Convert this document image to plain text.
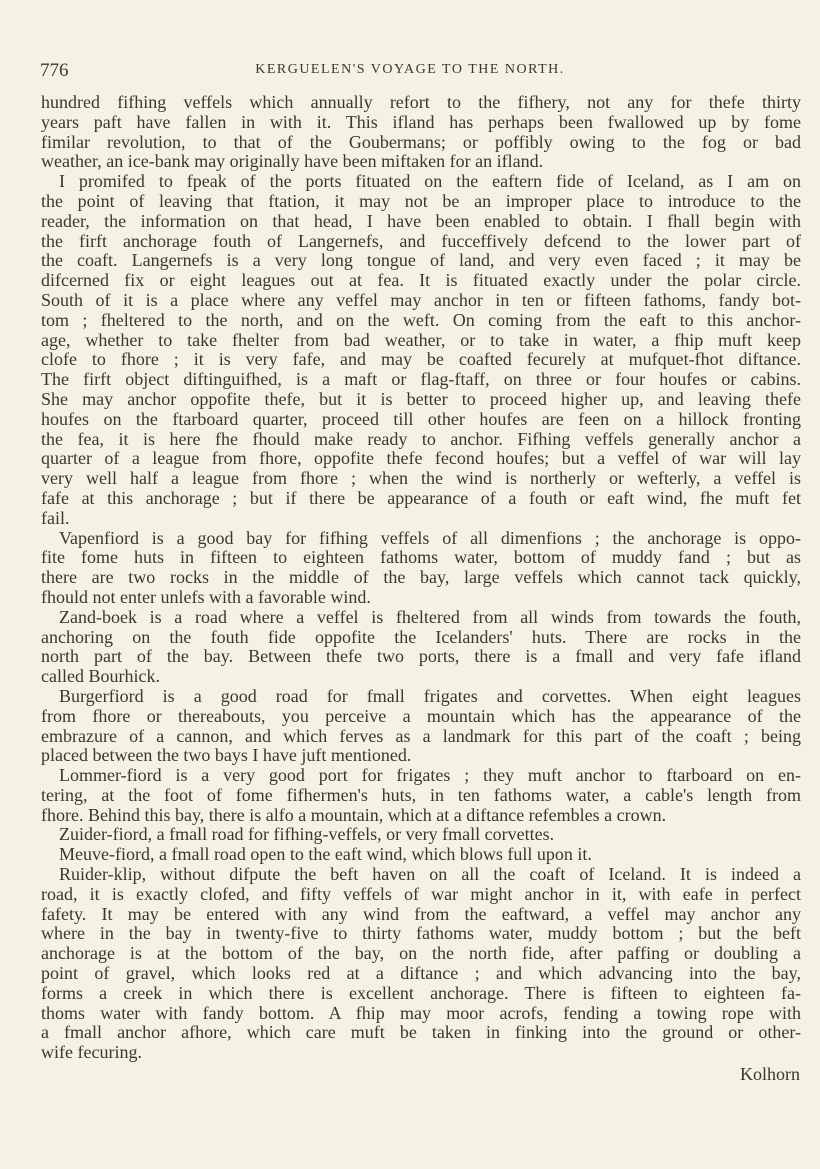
776	KERGUELEN'S VOYAGE TO THE NORTH.
hundred fifhing veffels which annually refort to the fifhery, not any for thefe thirty
years paft have fallen in with it. This ifland has perhaps been fwallowed up by fome
fimilar revolution, to that of the Goubermans; or poffibly owing to the fog or bad
weather, an ice-bank may originally have been miftaken for an ifland.
I promifed to fpeak of the ports fituated on the eaftern fide of Iceland, as I am on
the point of leaving that ftation, it may not be an improper place to introduce to the
reader, the information on that head, I have been enabled to obtain. I fhall begin with
the firft anchorage fouth of Langernefs, and fucceffively defcend to the lower part of
the coaft. Langernefs is a very long tongue of land, and very even faced ; it may be
difcerned fix or eight leagues out at fea. It is fituated exactly under the polar circle.
South of it is a place where any veffel may anchor in ten or fifteen fathoms, fandy bot-
tom ; fheltered to the north, and on the weft. On coming from the eaft to this anchor-
age, whether to take fhelter from bad weather, or to take in water, a fhip muft keep
clofe to fhore ; it is very fafe, and may be coafted fecurely at mufquet-fhot diftance.
The firft object diftinguifhed, is a maft or flag-ftaff, on three or four houfes or cabins.
She may anchor oppofite thefe, but it is better to proceed higher up, and leaving thefe
houfes on the ftarboard quarter, proceed till other houfes are feen on a hillock fronting
the fea, it is here fhe fhould make ready to anchor. Fifhing veffels generally anchor a
quarter of a league from fhore, oppofite thefe fecond houfes; but a veffel of war will lay
very well half a league from fhore ; when the wind is northerly or wefterly, a veffel is
fafe at this anchorage ; but if there be appearance of a fouth or eaft wind, fhe muft fet
fail.
Vapenfiord is a good bay for fifhing veffels of all dimenfions ; the anchorage is oppo-
fite fome huts in fifteen to eighteen fathoms water, bottom of muddy fand ; but as
there are two rocks in the middle of the bay, large veffels which cannot tack quickly,
fhould not enter unlefs with a favorable wind.
Zand-boek is a road where a veffel is fheltered from all winds from towards the fouth,
anchoring on the fouth fide oppofite the Icelanders' huts. There are rocks in the
north part of the bay. Between thefe two ports, there is a fmall and very fafe ifland
called Bourhick.
Burgerfiord is a good road for fmall frigates and corvettes. When eight leagues
from fhore or thereabouts, you perceive a mountain which has the appearance of the
embrazure of a cannon, and which ferves as a landmark for this part of the coaft ; being
placed between the two bays I have juft mentioned.
Lommer-fiord is a very good port for frigates ; they muft anchor to ftarboard on en-
tering, at the foot of fome fifhermen's huts, in ten fathoms water, a cable's length from
fhore. Behind this bay, there is alfo a mountain, which at a diftance refembles a crown.
Zuider-fiord, a fmall road for fifhing-veffels, or very fmall corvettes.
Meuve-fiord, a fmall road open to the eaft wind, which blows full upon it.
Ruider-klip, without difpute the beft haven on all the coaft of Iceland. It is indeed a
road, it is exactly clofed, and fifty veffels of war might anchor in it, with eafe in perfect
fafety. It may be entered with any wind from the eaftward, a veffel may anchor any
where in the bay in twenty-five to thirty fathoms water, muddy bottom ; but the beft
anchorage is at the bottom of the bay, on the north fide, after paffing or doubling a
point of gravel, which looks red at a diftance ; and which advancing into the bay,
forms a creek in which there is excellent anchorage. There is fifteen to eighteen fa-
thoms water with fandy bottom. A fhip may moor acrofs, fending a towing rope with
a fmall anchor afhore, which care muft be taken in finking into the ground or other-
wife fecuring.
Kolhorn
